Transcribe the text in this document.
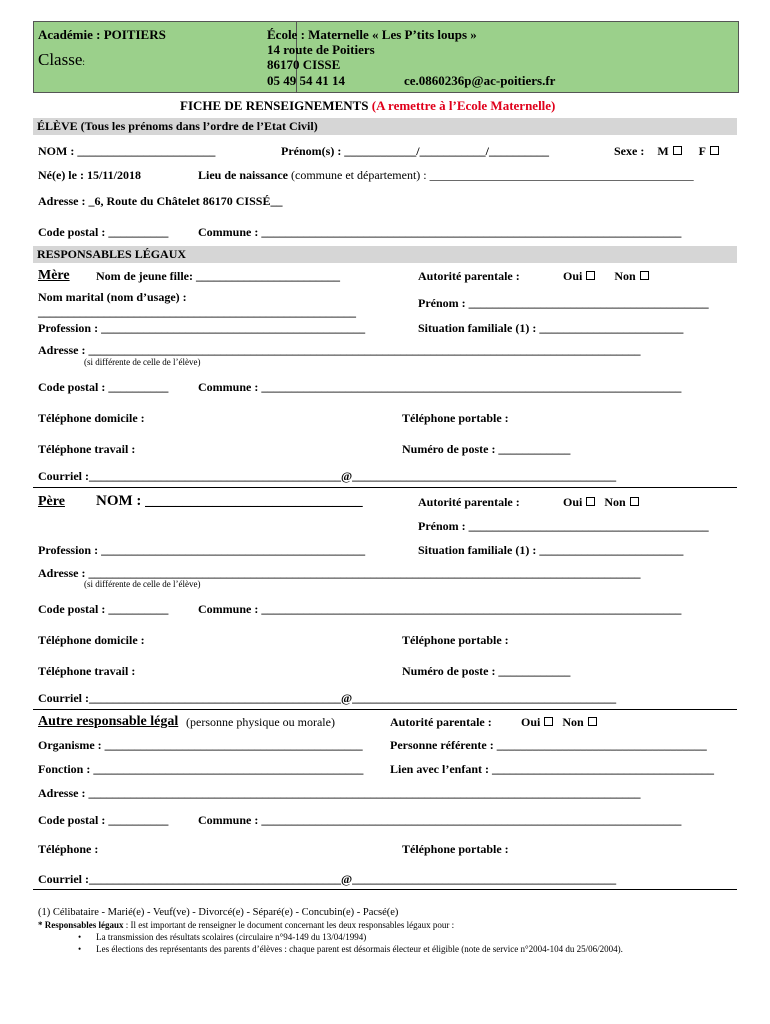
Académie : POITIERS
Classe:
École : Maternelle « Les P’tits loups »
14 route de Poitiers
86170 CISSE
05 49 54 41 14	ce.0860236p@ac-poitiers.fr
FICHE DE RENSEIGNEMENTS (A remettre à l’Ecole Maternelle)
ÉLÈVE (Tous les prénoms dans l’ordre de l’Etat Civil)
NOM : _______________________	Prénom(s) : ____________/___________/__________	Sexe : M	F
Né(e) le : 15/11/2018	Lieu de naissance (commune et département) : ____________________________________________
Adresse : _6, Route du Châtelet 86170 CISSÉ__
Code postal : __________ Commune : ______________________________________________________________________
RESPONSABLES LÉGAUX
Mère Nom de jeune fille: ________________________	Autorité parentale :	Oui	Non
Nom marital (nom d’usage) :
_____________________________________________________
Prénom : ________________________________________
Profession : ____________________________________________	Situation familiale (1) : ________________________
Adresse : ____________________________________________________________________________________________
(si différente de celle de l’élève)
Code postal : __________ Commune : ______________________________________________________________________
Téléphone domicile :	Téléphone portable :
Téléphone travail :	Numéro de poste : ____________
Courriel :__________________________________________@____________________________________________
Père NOM : _____________________________	Autorité parentale :	Oui Non
Prénom : ________________________________________
Profession : ____________________________________________	Situation familiale (1) : ________________________
Adresse : ____________________________________________________________________________________________
(si différente de celle de l’élève)
Code postal : __________ Commune : ______________________________________________________________________
Téléphone domicile :	Téléphone portable :
Téléphone travail :	Numéro de poste : ____________
Courriel :__________________________________________@____________________________________________
Autre responsable légal (personne physique ou morale)	Autorité parentale : Oui Non
Organisme : ___________________________________________ Personne référente : ___________________________________
Fonction : _____________________________________________ Lien avec l’enfant : _____________________________________
Adresse : ____________________________________________________________________________________________
Code postal : __________ Commune : ______________________________________________________________________
Téléphone :	Téléphone portable :
Courriel :__________________________________________@____________________________________________
(1) Célibataire - Marié(e) - Veuf(ve) - Divorcé(e) - Séparé(e) - Concubin(e) - Pacsé(e)
* Responsables légaux : Il est important de renseigner le document concernant les deux responsables légaux pour :
• La transmission des résultats scolaires (circulaire n°94-149 du 13/04/1994)
• Les élections des représentants des parents d’élèves : chaque parent est désormais électeur et éligible (note de service n°2004-104 du 25/06/2004).
